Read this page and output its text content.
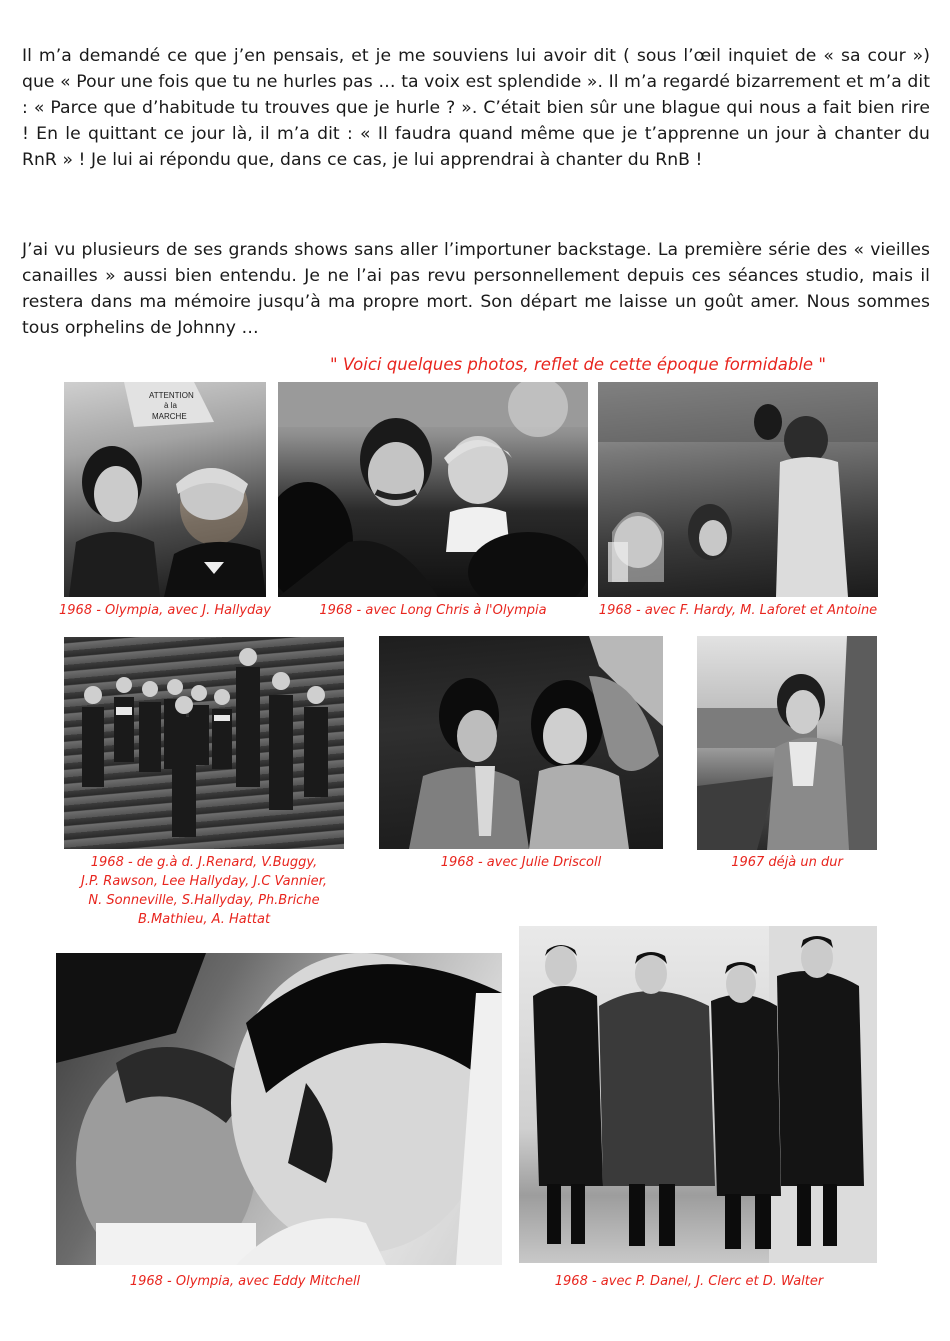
Il m’a demandé ce que j’en pensais, et je me souviens lui avoir dit ( sous l’œil inquiet de « sa cour ») que « Pour une fois que tu ne hurles pas … ta voix est splendide ». Il m’a regardé bizarrement et m’a dit : « Parce que d’habitude tu trouves que je hurle ? ». C’était bien sûr une blague qui nous a fait bien rire ! En le quittant ce jour là, il m’a dit : « Il faudra quand même que je t’apprenne un jour à chanter du RnR » ! Je lui ai répondu que, dans ce cas, je lui apprendrai à chanter du RnB !

J’ai vu plusieurs de ses grands shows sans aller l’importuner backstage. La première série des « vieilles canailles » aussi bien entendu. Je ne l’ai pas revu personnellement depuis ces séances studio, mais il restera dans ma mémoire jusqu’à ma propre mort. Son départ me laisse un goût amer. Nous sommes tous orphelins de Johnny …

" Voici quelques photos, reflet de cette époque formidable "
ATTENTION
à la
MARCHE
1968 - Olympia, avec J. Hallyday	1968 - avec Long Chris à l'Olympia	1968 - avec F. Hardy, M. Laforet et Antoine
1968 - de g.à d. J.Renard, V.Buggy,
J.P. Rawson, Lee Hallyday, J.C Vannier,
N. Sonneville, S.Hallyday, Ph.Briche
B.Mathieu, A. Hattat
1968 - avec Julie Driscoll	1967 déjà un dur
1968 - Olympia, avec Eddy Mitchell	1968 - avec P. Danel, J. Clerc et D. Walter
